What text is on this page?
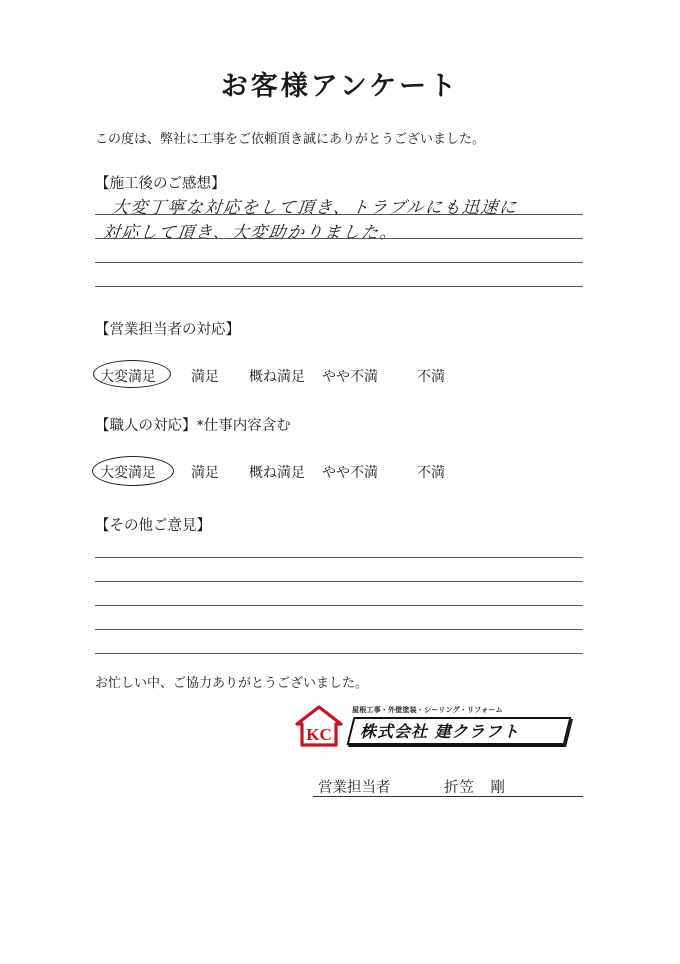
お客様アンケート
この度は、弊社に工事をご依頼頂き誠にありがとうございました。
【施工後のご感想】
大変丁寧な対応をして頂き、トラブルにも迅速に
対応して頂き、大変助かりました。
【営業担当者の対応】
大変満足	満足 概ね満足 やや不満	不満
【職人の対応】*仕事内容含む
大変満足	満足 概ね満足 やや不満	不満
【その他ご意見】
お忙しい中、ご協力ありがとうございました。
KC
屋根工事・外壁塗装・シーリング・リフォーム
株式会社 建クラフト
営業担当者	折笠　剛
